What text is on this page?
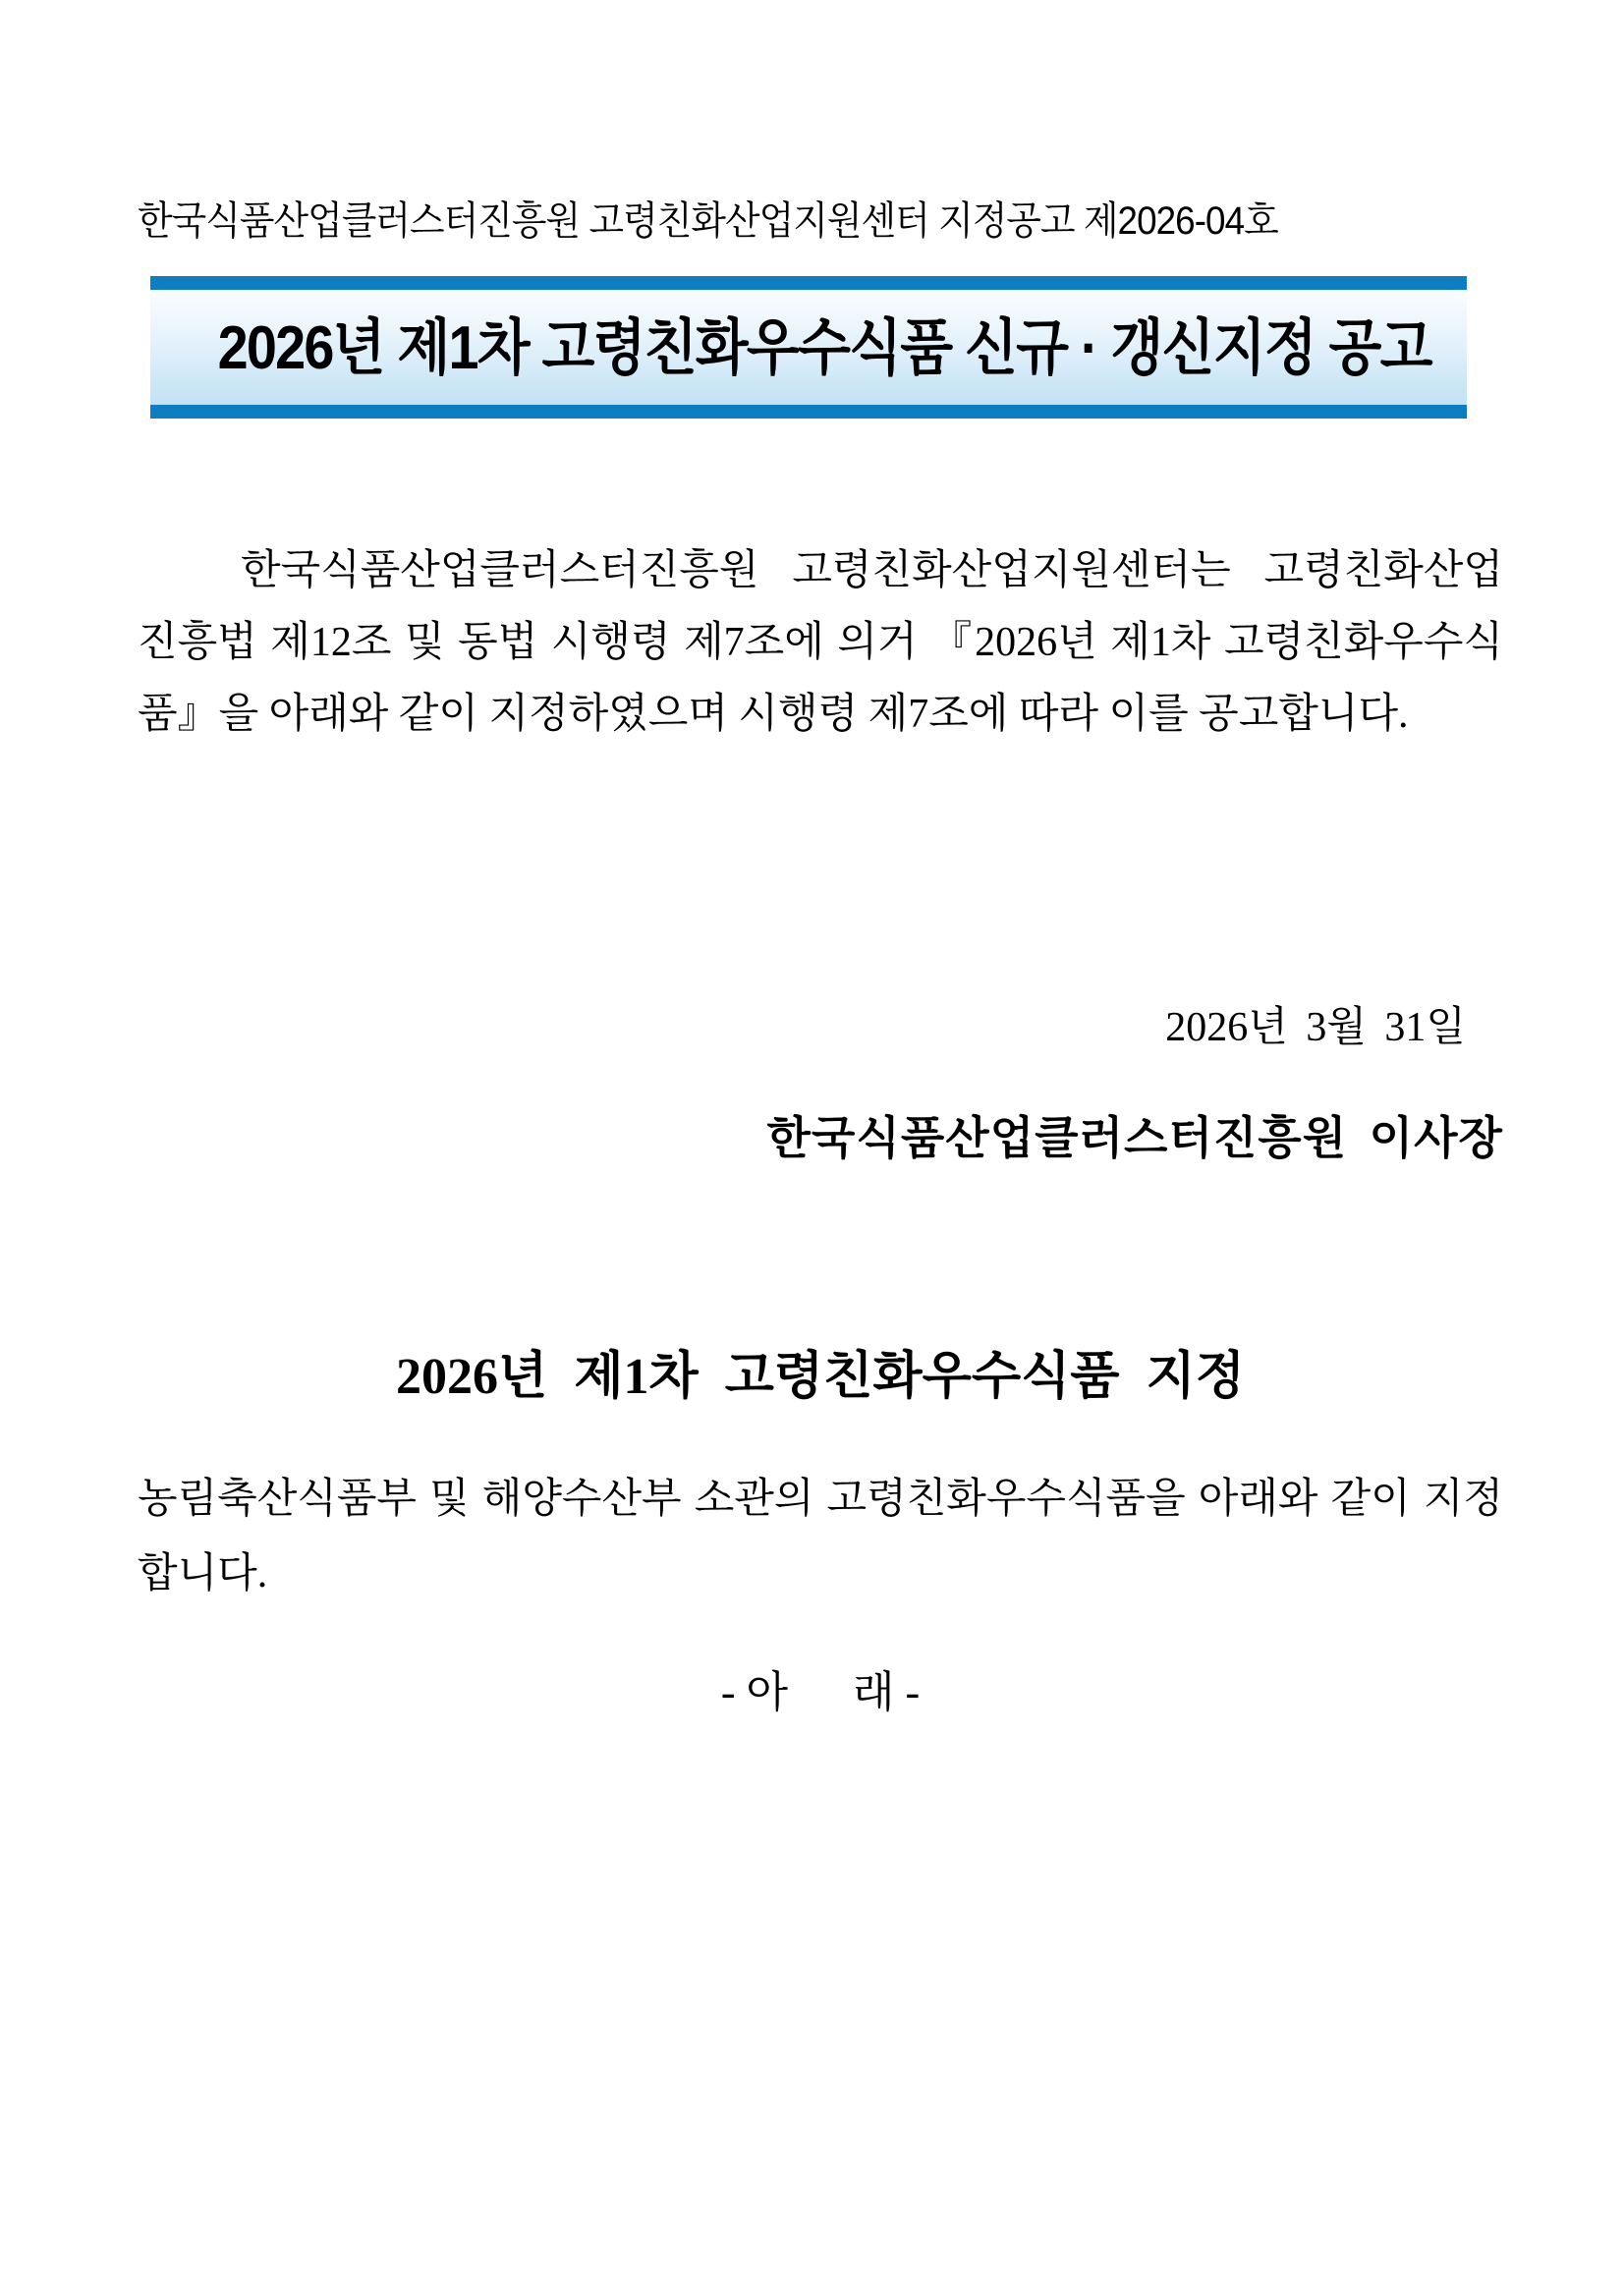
한국식품산업클러스터진흥원 고령친화산업지원센터 지정공고 제2026-04호
2026년 제1차 고령친화우수식품 신규 · 갱신지정 공고
한국식품산업클러스터진흥원 고령친화산업지원센터는 고령친화산업 진흥법 제12조 및 동법 시행령 제7조에 의거 『2026년 제1차 고령친화우수식품』을 아래와 같이 지정하였으며 시행령 제7조에 따라 이를 공고합니다.
2026년 3월 31일
한국식품산업클러스터진흥원 이사장
2026년 제1차 고령친화우수식품 지정
농림축산식품부 및 해양수산부 소관의 고령친화우수식품을 아래와 같이 지정합니다.
- 아      래 -
